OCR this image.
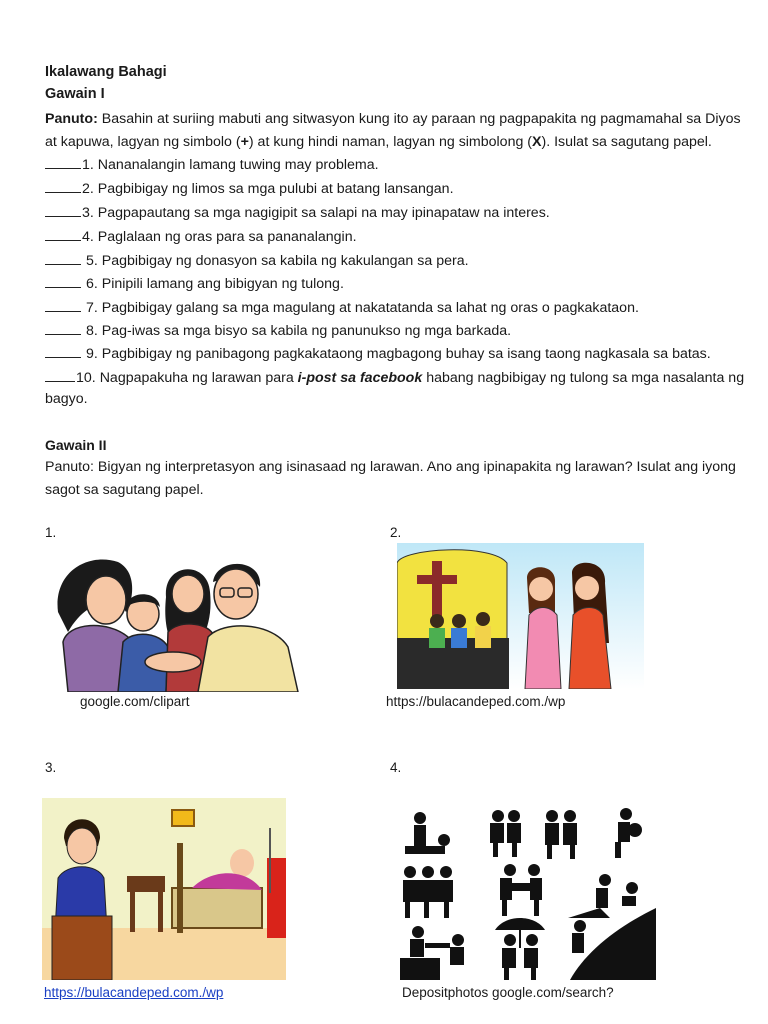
Ikalawang Bahagi
Gawain I
Panuto: Basahin at suriing mabuti ang sitwasyon kung ito ay paraan ng pagpapakita ng pagmamahal sa Diyos
at kapuwa, lagyan ng simbolo (+) at kung hindi naman, lagyan ng simbolong (X). Isulat sa sagutang papel.
1. Nananalangin lamang tuwing may problema.
2. Pagbibigay ng limos sa mga pulubi at batang lansangan.
3. Pagpapautang sa mga nagigipit sa salapi na may ipinapataw na interes.
4. Paglalaan ng oras para sa pananalangin.
5. Pagbibigay ng donasyon sa kabila ng kakulangan sa pera.
6. Pinipili lamang ang bibigyan ng tulong.
7. Pagbibigay galang sa mga magulang at nakatatanda sa lahat ng oras o pagkakataon.
8. Pag-iwas sa mga bisyo sa kabila ng panunukso ng mga barkada.
9. Pagbibigay ng panibagong pagkakataong magbagong buhay sa isang taong nagkasala sa batas.
10. Nagpapakuha ng larawan para i-post sa facebook habang nagbibigay ng tulong sa mga nasalanta ng
bagyo.
Gawain II
Panuto: Bigyan ng interpretasyon ang isinasaad ng larawan. Ano ang ipinapakita ng larawan? Isulat ang iyong
sagot sa sagutang papel.
1.	2.
3.	4.
google.com/clipart	https://bulacandeped.com./wp
https://bulacandeped.com./wp	Depositphotos google.com/search?
